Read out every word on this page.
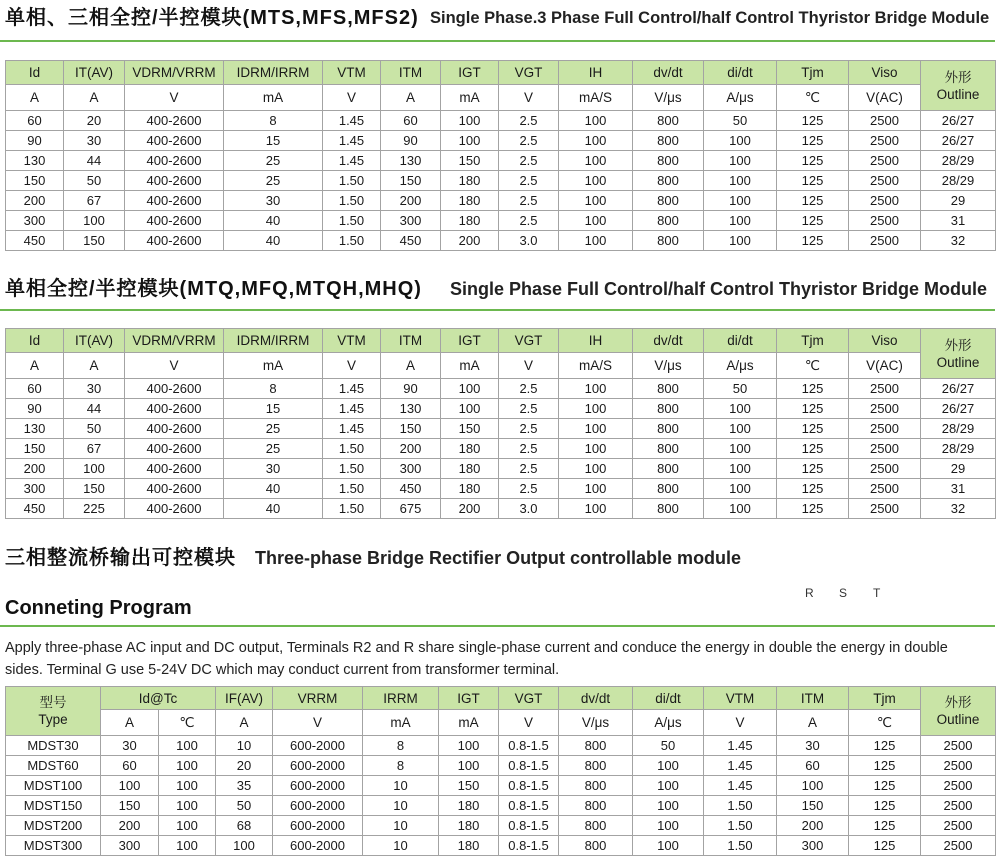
单相、三相全控/半控模块(MTS,MFS,MFS2) Single Phase.3 Phase Full Control/half Control Thyristor Bridge Module
Id	IT(AV)	VDRM/VRRM	IDRM/IRRM	VTM	ITM	IGT	VGT	IH	dv/dt	di/dt	Tjm	Viso	外形
Outline

A	A	V	mA	V	A	mA	V	mA/S	V/μs	A/μs	℃	V(AC)	
60	20	400-2600	8	1.45	60	100	2.5	100	800	50	125	2500	26/27
90	30	400-2600	15	1.45	90	100	2.5	100	800	100	125	2500	26/27
130	44	400-2600	25	1.45	130	150	2.5	100	800	100	125	2500	28/29
150	50	400-2600	25	1.50	150	180	2.5	100	800	100	125	2500	28/29
200	67	400-2600	30	1.50	200	180	2.5	100	800	100	125	2500	29
300	100	400-2600	40	1.50	300	180	2.5	100	800	100	125	2500	31
450	150	400-2600	40	1.50	450	200	3.0	100	800	100	125	2500	32
单相全控/半控模块(MTQ,MFQ,MTQH,MHQ) Single Phase Full Control/half Control Thyristor Bridge Module
Id	IT(AV)	VDRM/VRRM	IDRM/IRRM	VTM	ITM	IGT	VGT	IH	dv/dt	di/dt	Tjm	Viso	外形
Outline

A	A	V	mA	V	A	mA	V	mA/S	V/μs	A/μs	℃	V(AC)	
60	30	400-2600	8	1.45	90	100	2.5	100	800	50	125	2500	26/27
90	44	400-2600	15	1.45	130	100	2.5	100	800	100	125	2500	26/27
130	50	400-2600	25	1.45	150	150	2.5	100	800	100	125	2500	28/29
150	67	400-2600	25	1.50	200	180	2.5	100	800	100	125	2500	28/29
200	100	400-2600	30	1.50	300	180	2.5	100	800	100	125	2500	29
300	150	400-2600	40	1.50	450	180	2.5	100	800	100	125	2500	31
450	225	400-2600	40	1.50	675	200	3.0	100	800	100	125	2500	32
三相整流桥输出可控模块 Three-phase Bridge Rectifier Output controllable module
R S T
Conneting Program
Apply three-phase AC input and DC output, Terminals R2 and R share single-phase current and conduce the energy in double the energy in double
sides. Terminal G use 5-24V DC which may conduct current from transformer terminal.
型号
Type	Id@Tc		IF(AV)	VRRM	IRRM	IGT	VGT	dv/dt	di/dt	VTM	ITM	Tjm	外形
Outline

	A	℃	A	V	mA	mA	V	V/μs	A/μs	V	A	℃	
MDST30	30	100	10	600-2000	8	100	0.8-1.5	800	50	1.45	30	125	2500
MDST60	60	100	20	600-2000	8	100	0.8-1.5	800	100	1.45	60	125	2500
MDST100	100	100	35	600-2000	10	150	0.8-1.5	800	100	1.45	100	125	2500
MDST150	150	100	50	600-2000	10	180	0.8-1.5	800	100	1.50	150	125	2500
MDST200	200	100	68	600-2000	10	180	0.8-1.5	800	100	1.50	200	125	2500
MDST300	300	100	100	600-2000	10	180	0.8-1.5	800	100	1.50	300	125	2500
